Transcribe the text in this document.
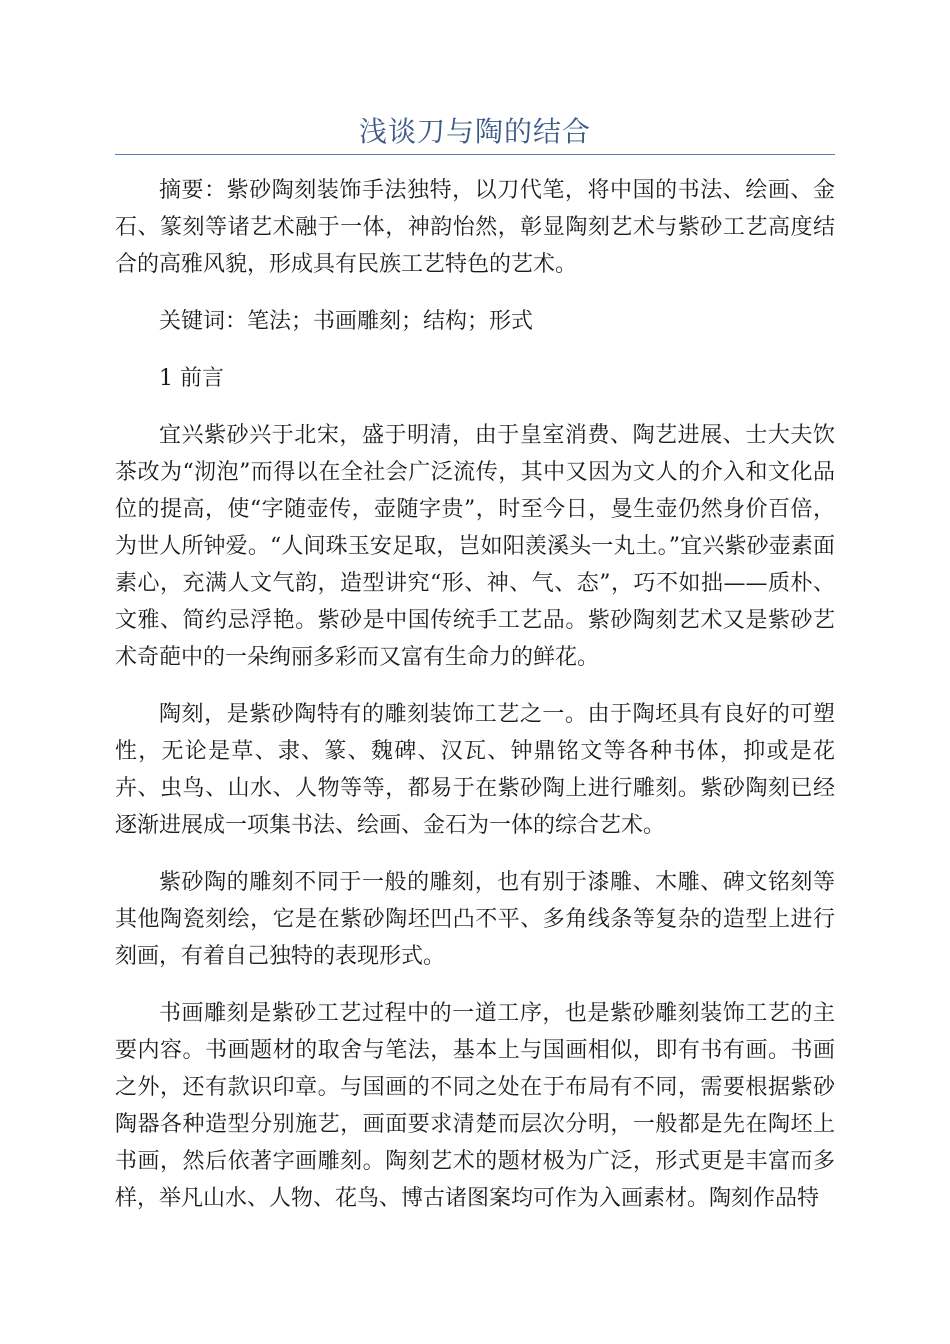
浅谈刀与陶的结合

摘要：紫砂陶刻装饰手法独特，以刀代笔，将中国的书法、绘画、金石、篆刻等诸艺术融于一体，神韵怡然，彰显陶刻艺术与紫砂工艺高度结合的高雅风貌，形成具有民族工艺特色的艺术。

关键词：笔法；书画雕刻；结构；形式

1 前言

宜兴紫砂兴于北宋，盛于明清，由于皇室消费、陶艺进展、士大夫饮茶改为“沏泡”而得以在全社会广泛流传，其中又因为文人的介入和文化品位的提高，使“字随壶传，壶随字贵”，时至今日，曼生壶仍然身价百倍，为世人所钟爱。“人间珠玉安足取，岂如阳羡溪头一丸土。”宜兴紫砂壶素面素心，充满人文气韵，造型讲究“形、神、气、态”，巧不如拙——质朴、文雅、简约忌浮艳。紫砂是中国传统手工艺品。紫砂陶刻艺术又是紫砂艺术奇葩中的一朵绚丽多彩而又富有生命力的鲜花。

陶刻，是紫砂陶特有的雕刻装饰工艺之一。由于陶坯具有良好的可塑性，无论是草、隶、篆、魏碑、汉瓦、钟鼎铭文等各种书体，抑或是花卉、虫鸟、山水、人物等等，都易于在紫砂陶上进行雕刻。紫砂陶刻已经逐渐进展成一项集书法、绘画、金石为一体的综合艺术。

紫砂陶的雕刻不同于一般的雕刻，也有别于漆雕、木雕、碑文铭刻等其他陶瓷刻绘，它是在紫砂陶坯凹凸不平、多角线条等复杂的造型上进行刻画，有着自己独特的表现形式。

书画雕刻是紫砂工艺过程中的一道工序，也是紫砂雕刻装饰工艺的主要内容。书画题材的取舍与笔法，基本上与国画相似，即有书有画。书画之外，还有款识印章。与国画的不同之处在于布局有不同，需要根据紫砂陶器各种造型分别施艺，画面要求清楚而层次分明，一般都是先在陶坯上书画，然后依著字画雕刻。陶刻艺术的题材极为广泛，形式更是丰富而多样，举凡山水、人物、花鸟、博古诸图案均可作为入画素材。陶刻作品特
